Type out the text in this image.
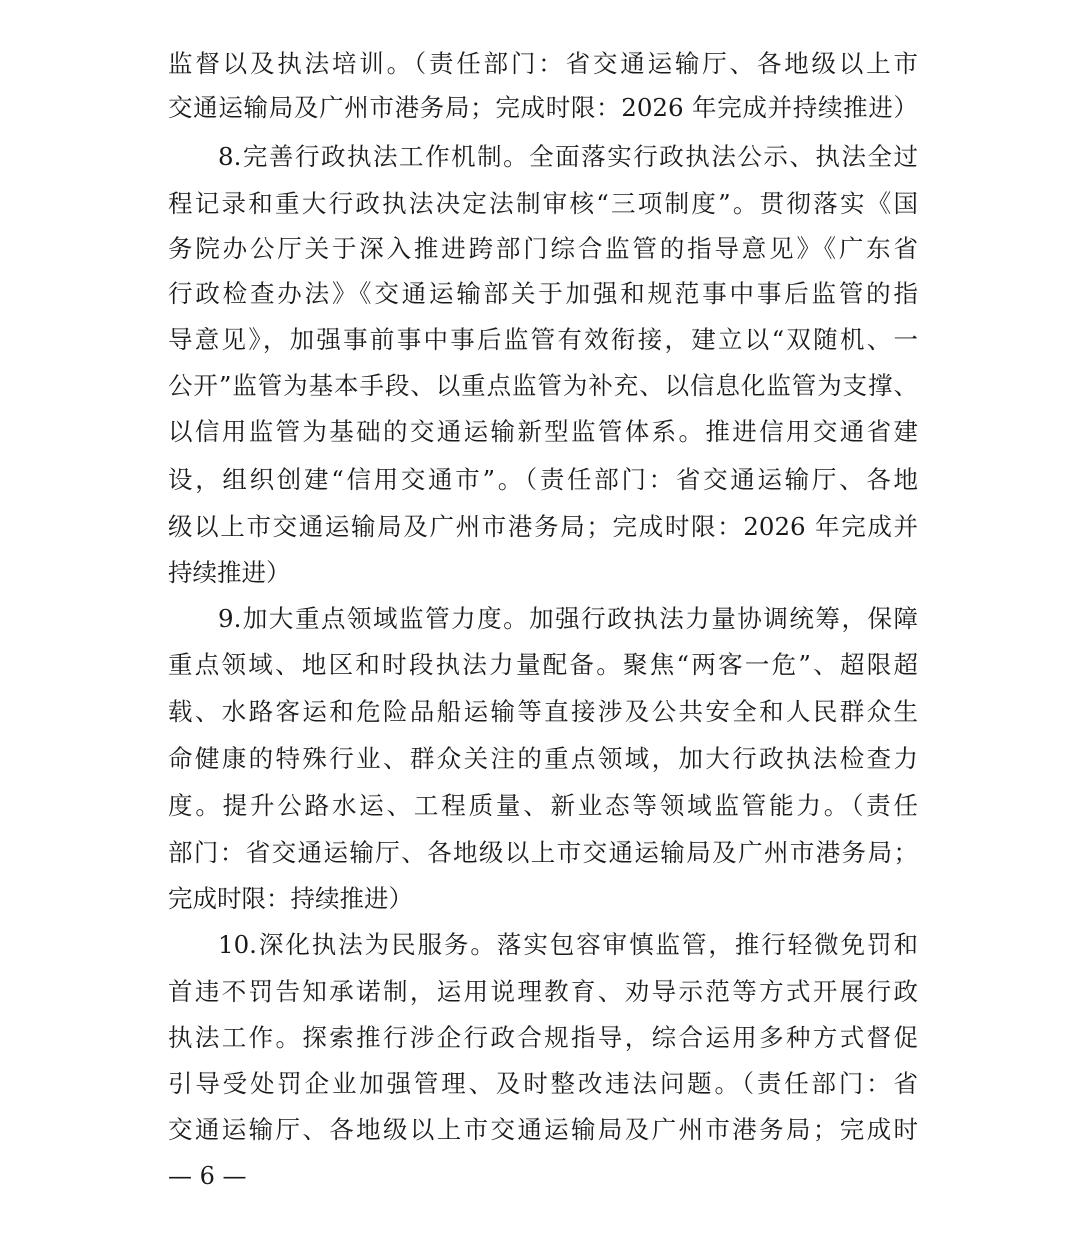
监督以及执法培训。（责任部门：省交通运输厅、各地级以上市
交通运输局及广州市港务局；完成时限：2026 年完成并持续推进）
8.完善行政执法工作机制。全面落实行政执法公示、执法全过
程记录和重大行政执法决定法制审核“三项制度”。贯彻落实《国
务院办公厅关于深入推进跨部门综合监管的指导意见》《广东省
行政检查办法》《交通运输部关于加强和规范事中事后监管的指
导意见》，加强事前事中事后监管有效衔接，建立以“双随机、一
公开”监管为基本手段、以重点监管为补充、以信息化监管为支撑、
以信用监管为基础的交通运输新型监管体系。推进信用交通省建
设，组织创建“信用交通市”。（责任部门：省交通运输厅、各地
级以上市交通运输局及广州市港务局；完成时限：2026 年完成并
持续推进）
9.加大重点领域监管力度。加强行政执法力量协调统筹，保障
重点领域、地区和时段执法力量配备。聚焦“两客一危”、超限超
载、水路客运和危险品船运输等直接涉及公共安全和人民群众生
命健康的特殊行业、群众关注的重点领域，加大行政执法检查力
度。提升公路水运、工程质量、新业态等领域监管能力。（责任
部门：省交通运输厅、各地级以上市交通运输局及广州市港务局；
完成时限：持续推进）
10.深化执法为民服务。落实包容审慎监管，推行轻微免罚和
首违不罚告知承诺制，运用说理教育、劝导示范等方式开展行政
执法工作。探索推行涉企行政合规指导，综合运用多种方式督促
引导受处罚企业加强管理、及时整改违法问题。（责任部门：省
交通运输厅、各地级以上市交通运输局及广州市港务局；完成时
— 6 —
